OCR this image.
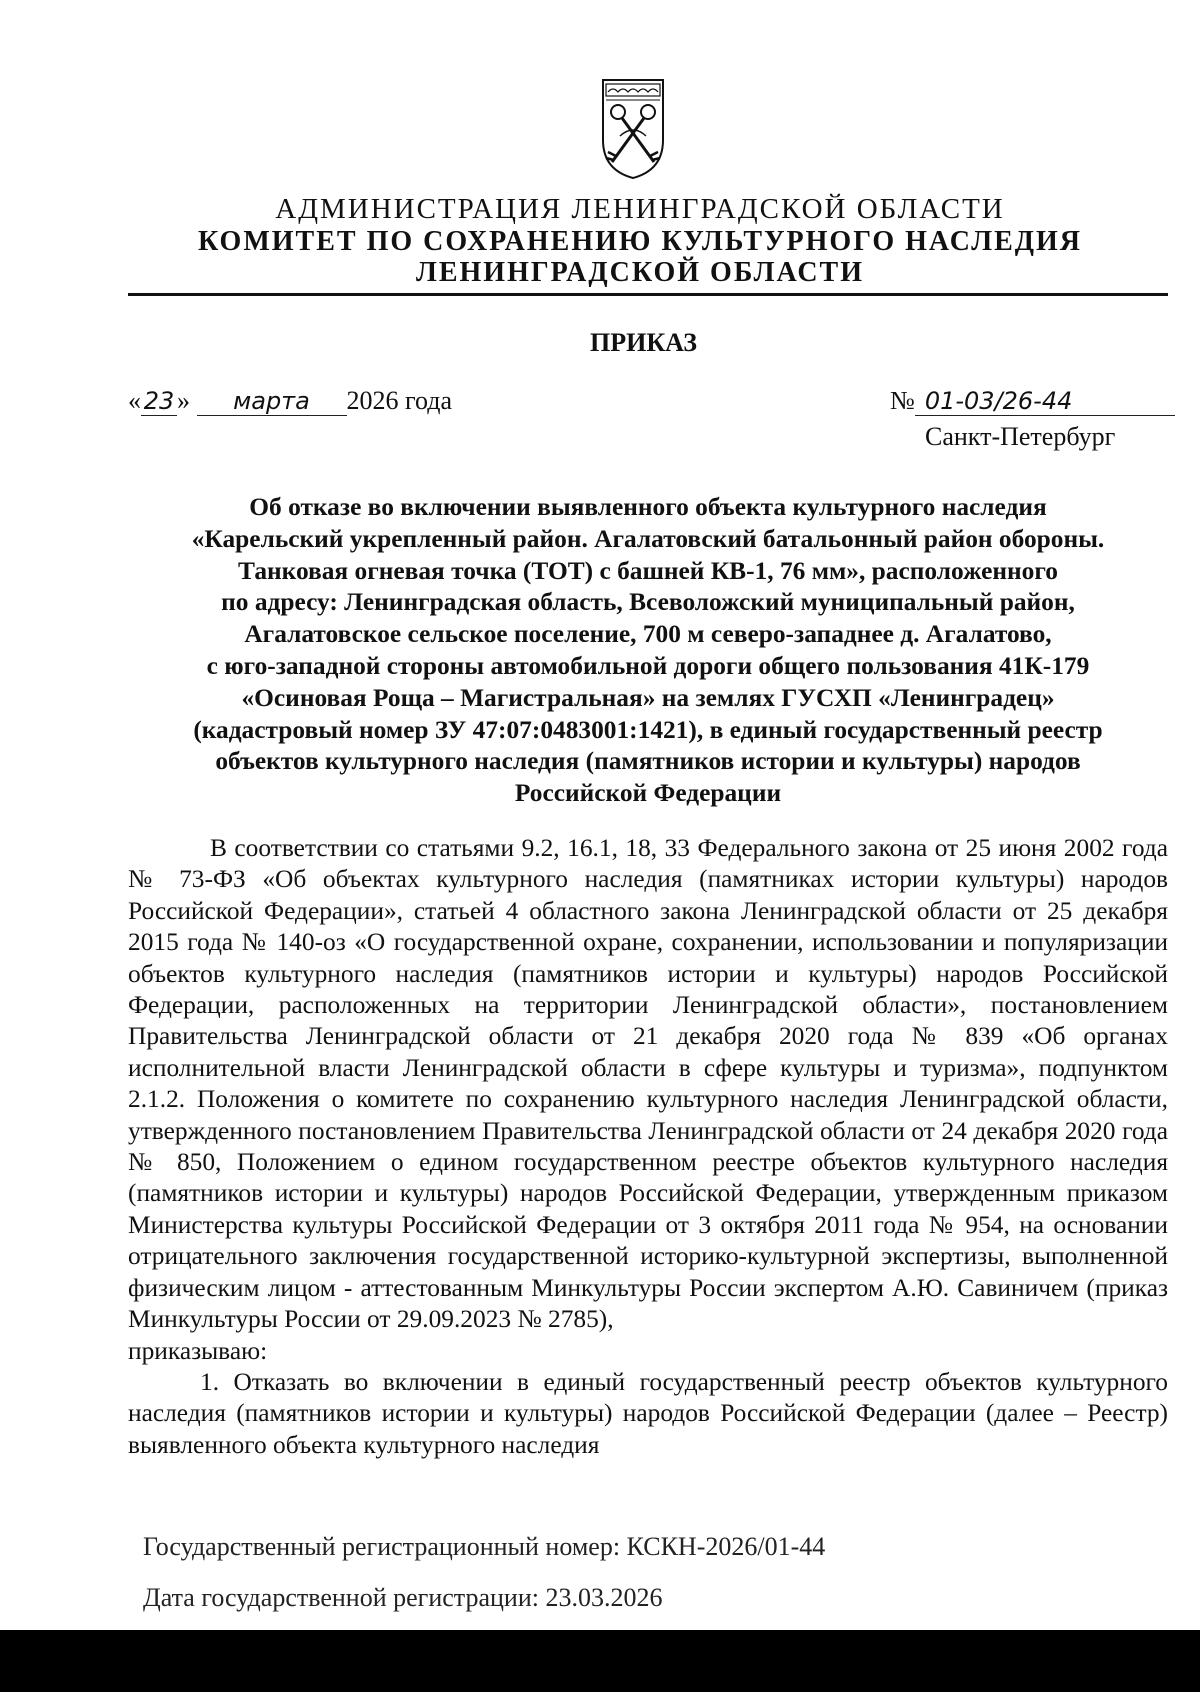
АДМИНИСТРАЦИЯ ЛЕНИНГРАДСКОЙ ОБЛАСТИ
КОМИТЕТ ПО СОХРАНЕНИЮ КУЛЬТУРНОГО НАСЛЕДИЯ
ЛЕНИНГРАДСКОЙ ОБЛАСТИ
ПРИКАЗ
« 23 » марта 2026 года	№ 01-03/26-44
Санкт-Петербург
Об отказе во включении выявленного объекта культурного наследия
«Карельский укрепленный район. Агалатовский батальонный район обороны.
Танковая огневая точка (ТОТ) с башней КВ-1, 76 мм», расположенного
по адресу: Ленинградская область, Всеволожский муниципальный район,
Агалатовское сельское поселение, 700 м северо-западнее д. Агалатово,
с юго-западной стороны автомобильной дороги общего пользования 41К-179
«Осиновая Роща – Магистральная» на землях ГУСХП «Ленинградец»
(кадастровый номер ЗУ 47:07:0483001:1421), в единый государственный реестр
объектов культурного наследия (памятников истории и культуры) народов
Российской Федерации

В соответствии со статьями 9.2, 16.1, 18, 33 Федерального закона от 25 июня 2002 года № 73-ФЗ «Об объектах культурного наследия (памятниках истории культуры) народов Российской Федерации», статьей 4 областного закона Ленинградской области от 25 декабря 2015 года № 140-оз «О государственной охране, сохранении, использовании и популяризации объектов культурного наследия (памятников истории и культуры) народов Российской Федерации, расположенных на территории Ленинградской области», постановлением Правительства Ленинградской области от 21 декабря 2020 года № 839 «Об органах исполнительной власти Ленинградской области в сфере культуры и туризма», подпунктом 2.1.2. Положения о комитете по сохранению культурного наследия Ленинградской области, утвержденного постановлением Правительства Ленинградской области от 24 декабря 2020 года № 850, Положением о едином государственном реестре объектов культурного наследия (памятников истории и культуры) народов Российской Федерации, утвержденным приказом Министерства культуры Российской Федерации от 3 октября 2011 года № 954, на основании отрицательного заключения государственной историко-культурной экспертизы, выполненной физическим лицом - аттестованным Минкультуры России экспертом А.Ю. Савиничем (приказ Минкультуры России от 29.09.2023 № 2785),

приказываю:

1. Отказать во включении в единый государственный реестр объектов культурного наследия (памятников истории и культуры) народов Российской Федерации (далее – Реестр) выявленного объекта культурного наследия

Государственный регистрационный номер: КСКН-2026/01-44
Дата государственной регистрации: 23.03.2026
